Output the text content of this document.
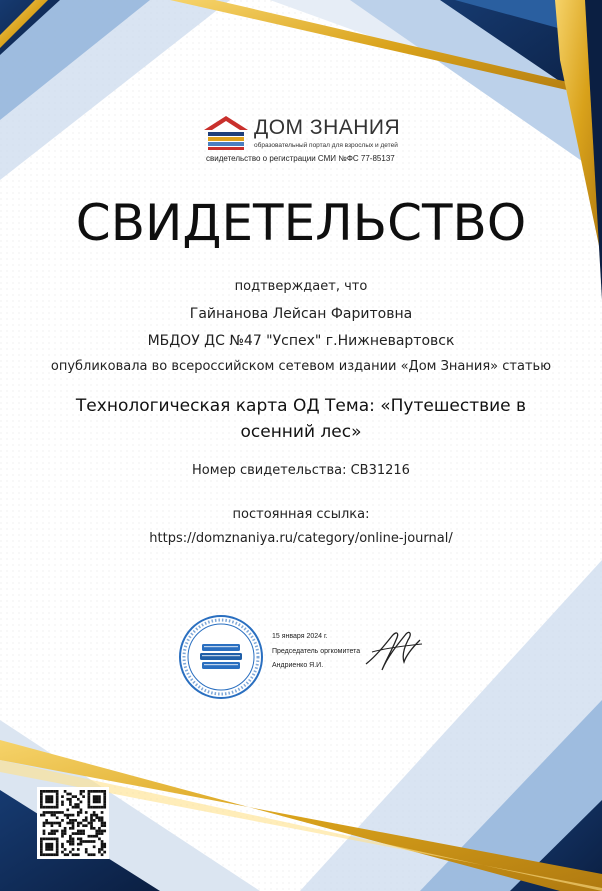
ДОМ ЗНАНИЯ
образовательный портал для взрослых и детей
свидетельство о регистрации СМИ №ФС 77-85137
СВИДЕТЕЛЬСТВО
подтверждает, что
Гайнанова Лейсан Фаритовна
МБДОУ ДС №47 "Успех" г.Нижневартовск
опубликовала во всероссийском сетевом издании «Дом Знания» статью
Технологическая карта ОД Тема: «Путешествие в
осенний лес»
Номер свидетельства: СВ31216
постоянная ссылка:
https://domznaniya.ru/category/online-journal/
15 января 2024 г.
Председатель оргкомитета
Андриенко Я.И.
